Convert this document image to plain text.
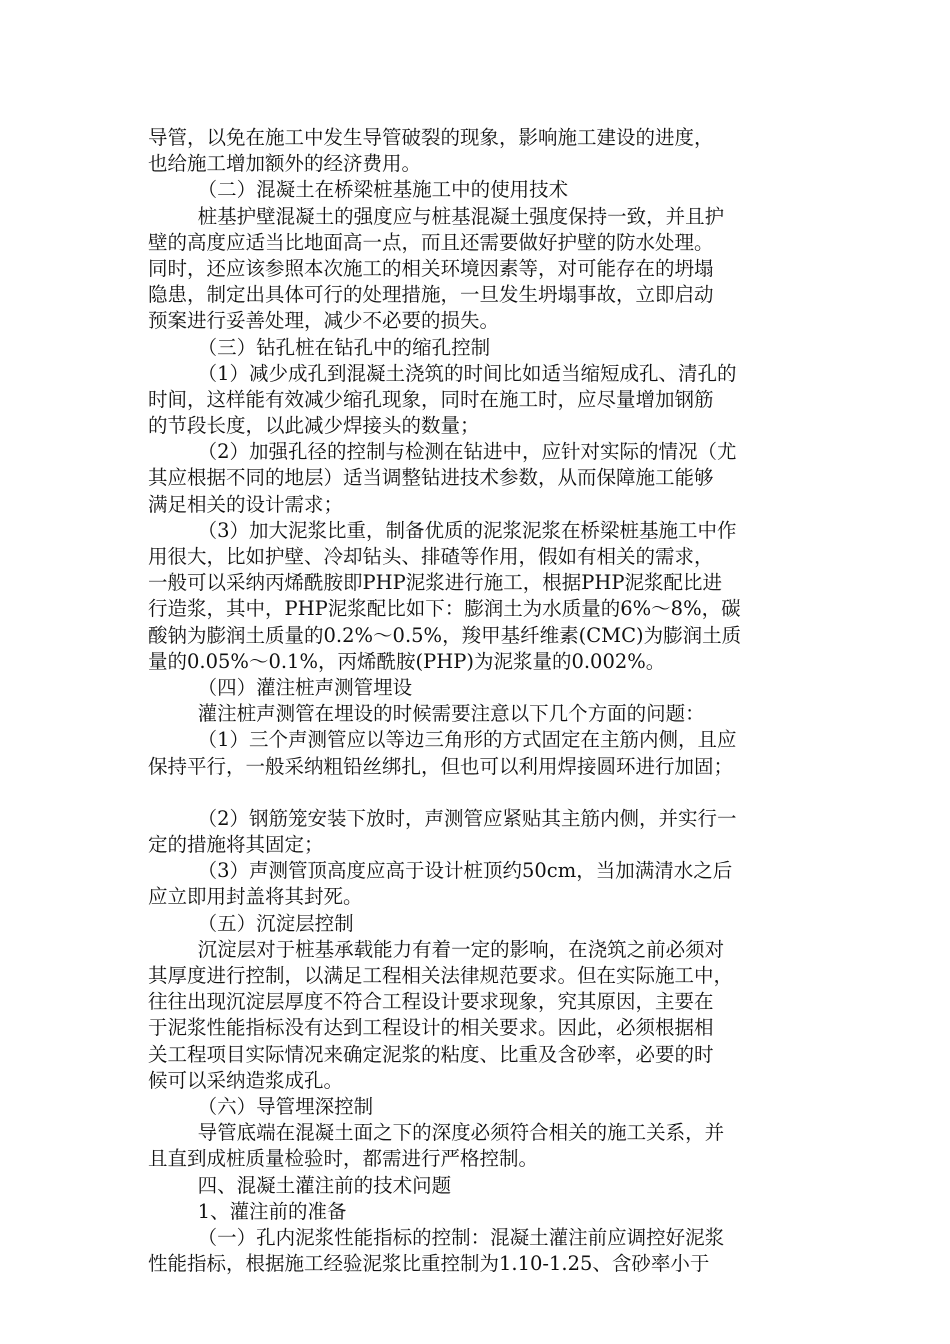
导管，以免在施工中发生导管破裂的现象，影响施工建设的进度，
也给施工增加额外的经济费用。
（二）混凝土在桥梁桩基施工中的使用技术
桩基护壁混凝土的强度应与桩基混凝土强度保持一致，并且护
壁的高度应适当比地面高一点，而且还需要做好护壁的防水处理。
同时，还应该参照本次施工的相关环境因素等，对可能存在的坍塌
隐患，制定出具体可行的处理措施，一旦发生坍塌事故，立即启动
预案进行妥善处理，减少不必要的损失。
（三）钻孔桩在钻孔中的缩孔控制
（1）减少成孔到混凝土浇筑的时间比如适当缩短成孔、清孔的
时间，这样能有效减少缩孔现象，同时在施工时，应尽量增加钢筋
的节段长度，以此减少焊接头的数量；
（2）加强孔径的控制与检测在钻进中，应针对实际的情况（尤
其应根据不同的地层）适当调整钻进技术参数，从而保障施工能够
满足相关的设计需求；
（3）加大泥浆比重，制备优质的泥浆泥浆在桥梁桩基施工中作
用很大，比如护壁、冷却钻头、排碴等作用，假如有相关的需求，
一般可以采纳丙烯酰胺即PHP泥浆进行施工，根据PHP泥浆配比进
行造浆，其中，PHP泥浆配比如下：膨润土为水质量的6%～8%，碳
酸钠为膨润土质量的0.2%～0.5%，羧甲基纤维素(CMC)为膨润土质
量的0.05%～0.1%，丙烯酰胺(PHP)为泥浆量的0.002%。
（四）灌注桩声测管埋设
灌注桩声测管在埋设的时候需要注意以下几个方面的问题：
（1）三个声测管应以等边三角形的方式固定在主筋内侧，且应
保持平行，一般采纳粗铅丝绑扎，但也可以利用焊接圆环进行加固；
（2）钢筋笼安装下放时，声测管应紧贴其主筋内侧，并实行一
定的措施将其固定；
（3）声测管顶高度应高于设计桩顶约50cm，当加满清水之后
应立即用封盖将其封死。
（五）沉淀层控制
沉淀层对于桩基承载能力有着一定的影响，在浇筑之前必须对
其厚度进行控制，以满足工程相关法律规范要求。但在实际施工中，
往往出现沉淀层厚度不符合工程设计要求现象，究其原因，主要在
于泥浆性能指标没有达到工程设计的相关要求。因此，必须根据相
关工程项目实际情况来确定泥浆的粘度、比重及含砂率，必要的时
候可以采纳造浆成孔。
（六）导管埋深控制
导管底端在混凝土面之下的深度必须符合相关的施工关系，并
且直到成桩质量检验时，都需进行严格控制。
四、混凝土灌注前的技术问题
1、灌注前的准备
（一）孔内泥浆性能指标的控制：混凝土灌注前应调控好泥浆
性能指标，根据施工经验泥浆比重控制为1.10-1.25、含砂率小于
